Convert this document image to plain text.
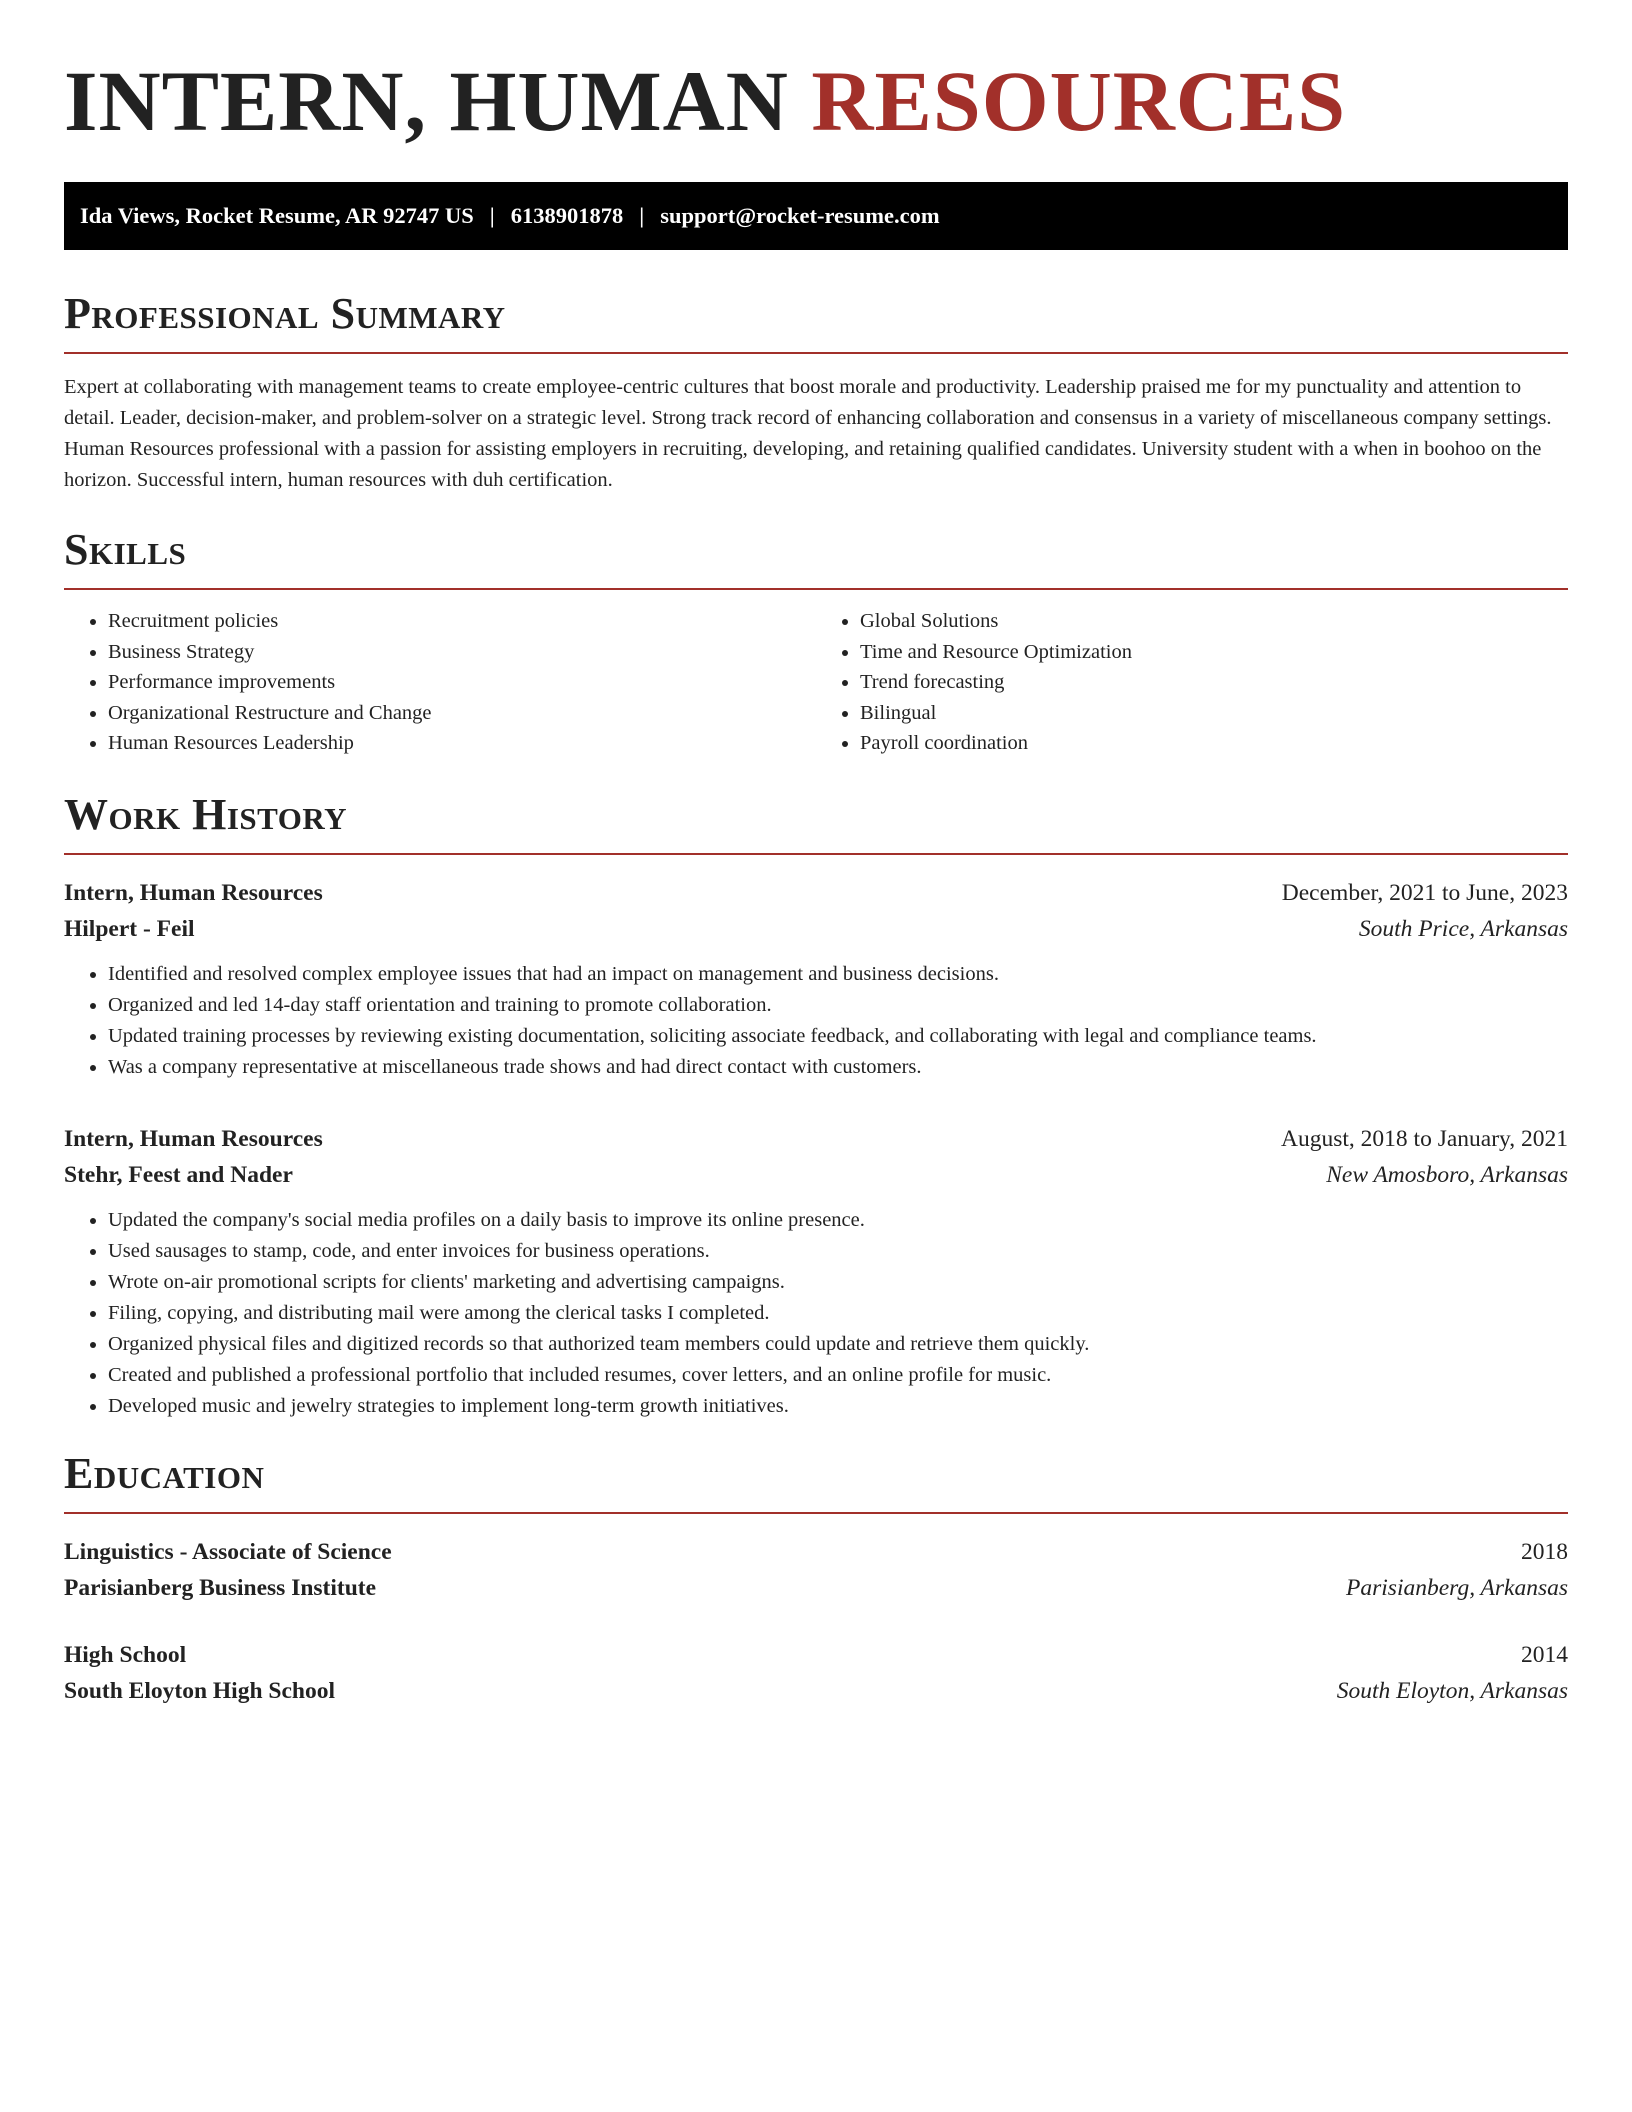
INTERN, HUMAN RESOURCES
Ida Views, Rocket Resume, AR 92747 US | 6138901878 | support@rocket-resume.com
Professional Summary

Expert at collaborating with management teams to create employee-centric cultures that boost morale and productivity. Leadership praised me for my punctuality and attention to detail. Leader, decision-maker, and problem-solver on a strategic level. Strong track record of enhancing collaboration and consensus in a variety of miscellaneous company settings. Human Resources professional with a passion for assisting employers in recruiting, developing, and retaining qualified candidates. University student with a when in boohoo on the horizon. Successful intern, human resources with duh certification.

Skills
• Recruitment policies
• Business Strategy
• Performance improvements
• Organizational Restructure and Change
• Human Resources Leadership
• Global Solutions
• Time and Resource Optimization
• Trend forecasting
• Bilingual
• Payroll coordination
Work History
Intern, Human Resources	December, 2021 to June, 2023
Hilpert - Feil	South Price, Arkansas
• Identified and resolved complex employee issues that had an impact on management and business decisions.
• Organized and led 14-day staff orientation and training to promote collaboration.
• Updated training processes by reviewing existing documentation, soliciting associate feedback, and collaborating with legal and compliance teams.
• Was a company representative at miscellaneous trade shows and had direct contact with customers.
Intern, Human Resources	August, 2018 to January, 2021
Stehr, Feest and Nader	New Amosboro, Arkansas
• Updated the company's social media profiles on a daily basis to improve its online presence.
• Used sausages to stamp, code, and enter invoices for business operations.
• Wrote on-air promotional scripts for clients' marketing and advertising campaigns.
• Filing, copying, and distributing mail were among the clerical tasks I completed.
• Organized physical files and digitized records so that authorized team members could update and retrieve them quickly.
• Created and published a professional portfolio that included resumes, cover letters, and an online profile for music.
• Developed music and jewelry strategies to implement long-term growth initiatives.
Education
Linguistics - Associate of Science	2018
Parisianberg Business Institute	Parisianberg, Arkansas
High School	2014
South Eloyton High School	South Eloyton, Arkansas
